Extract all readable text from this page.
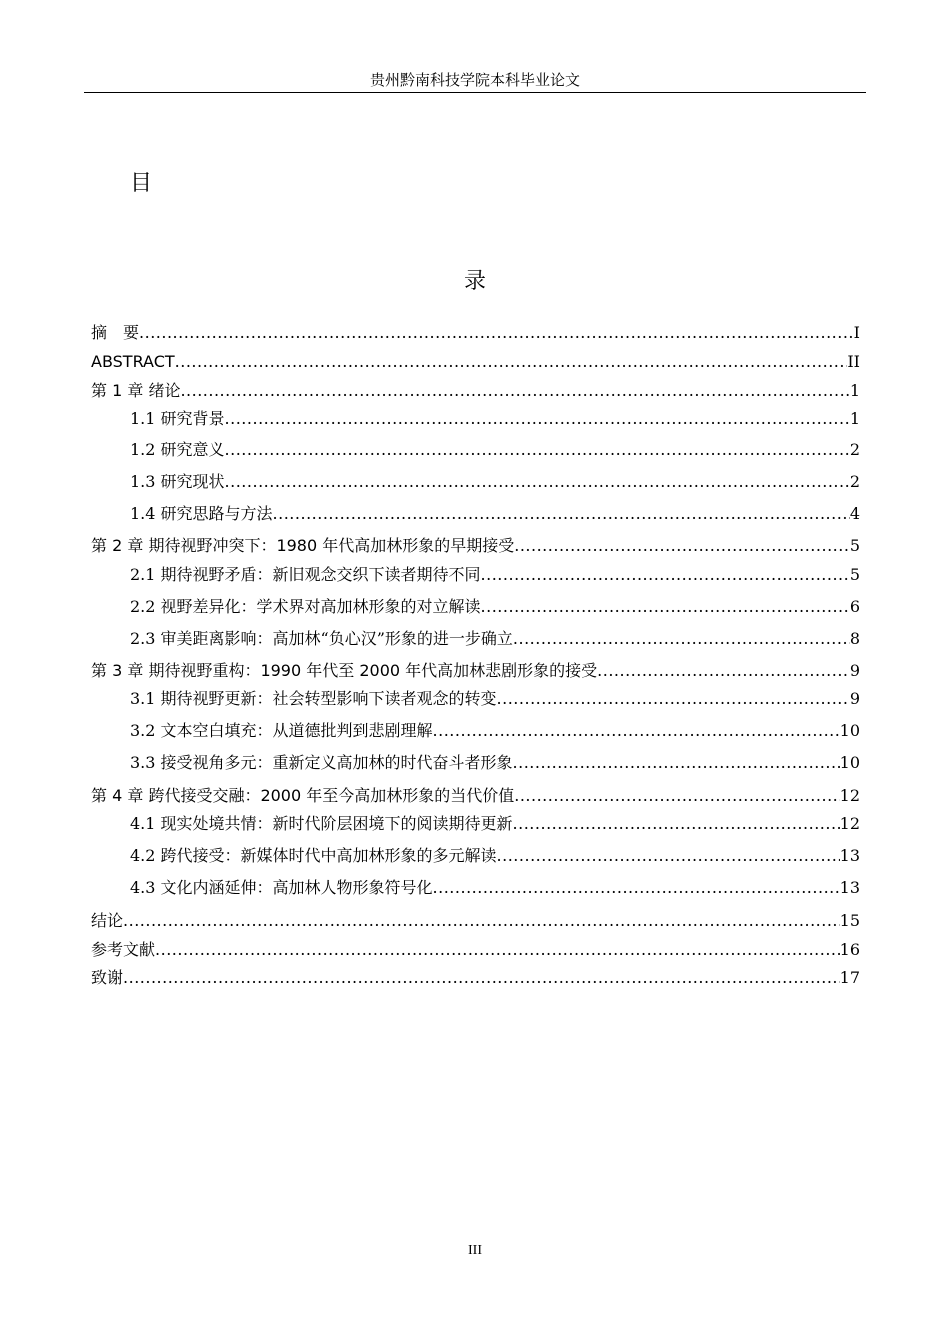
贵州黔南科技学院本科毕业论文
目
录
摘　要 .....	I
ABSTRACT .....	II
第 1 章 绪论 .....	1
1.1 研究背景 .....	1
1.2 研究意义 .....	2
1.3 研究现状 .....	2
1.4 研究思路与方法 .....	4
第 2 章 期待视野冲突下：1980 年代高加林形象的早期接受 .....	5
2.1 期待视野矛盾：新旧观念交织下读者期待不同 .....	5
2.2 视野差异化：学术界对高加林形象的对立解读 .....	6
2.3 审美距离影响：高加林“负心汉”形象的进一步确立 .....	8
第 3 章 期待视野重构：1990 年代至 2000 年代高加林悲剧形象的接受 .....	9
3.1 期待视野更新：社会转型影响下读者观念的转变 .....	9
3.2 文本空白填充：从道德批判到悲剧理解 .....	10
3.3 接受视角多元：重新定义高加林的时代奋斗者形象 .....	10
第 4 章 跨代接受交融：2000 年至今高加林形象的当代价值 .....	12
4.1 现实处境共情：新时代阶层困境下的阅读期待更新 .....	12
4.2 跨代接受：新媒体时代中高加林形象的多元解读 .....	13
4.3 文化内涵延伸：高加林人物形象符号化 .....	13
结论 .....	15
参考文献 .....	16
致谢 .....	17
III
